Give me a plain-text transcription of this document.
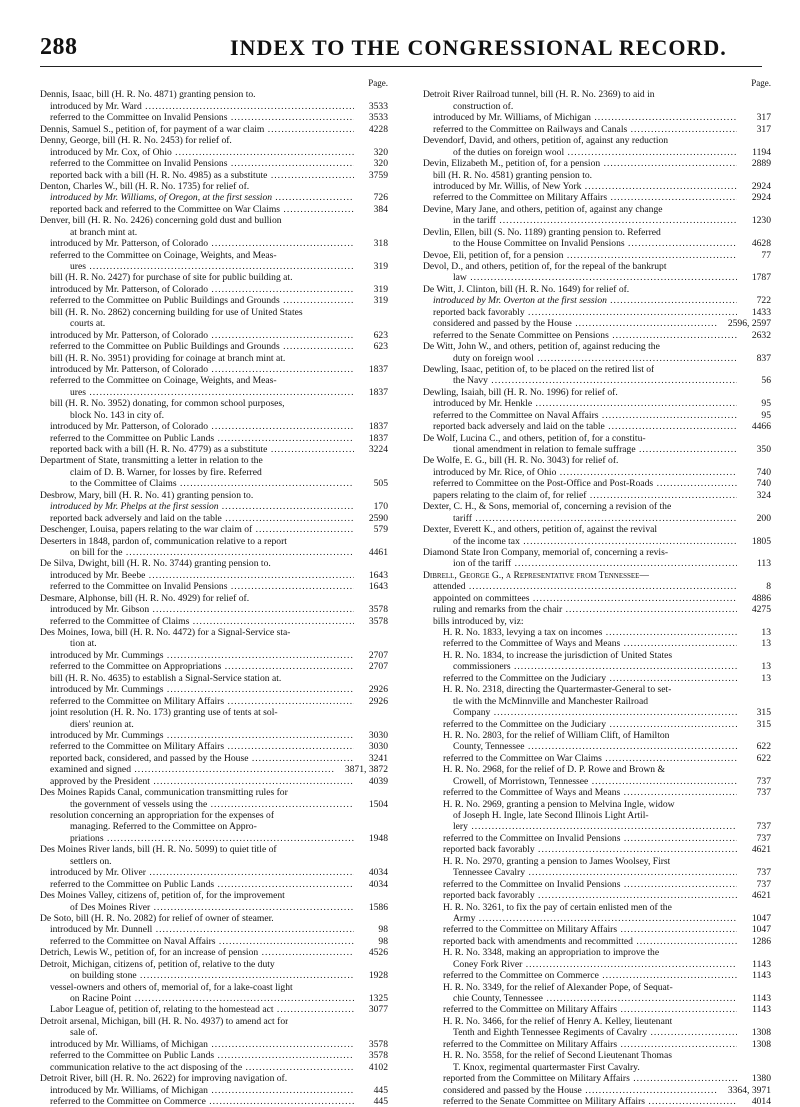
288	INDEX TO THE CONGRESSIONAL RECORD.
Page.
Dennis, Isaac, bill (H. R. No. 4871) granting pension to.
introduced by Mr. Ward .....	3533
referred to the Committee on Invalid Pensions .....	3533
Dennis, Samuel S., petition of, for payment of a war claim .....	4228
Denny, George, bill (H. R. No. 2453) for relief of.
introduced by Mr. Cox, of Ohio .....	320
referred to the Committee on Invalid Pensions .....	320
reported back with a bill (H. R. No. 4985) as a substitute .....	3759
Denton, Charles W., bill (H. R. No. 1735) for relief of.
introduced by Mr. Williams, of Oregon, at the first session .....	726
reported back and referred to the Committee on War Claims .....	384
Denver, bill (H. R. No. 2426) concerning gold dust and bullion
at branch mint at.
introduced by Mr. Patterson, of Colorado .....	318
referred to the Committee on Coinage, Weights, and Meas-
ures .....	319
bill (H. R. No. 2427) for purchase of site for public building at.
introduced by Mr. Patterson, of Colorado .....	319
referred to the Committee on Public Buildings and Grounds .....	319
bill (H. R. No. 2862) concerning building for use of United States
courts at.
introduced by Mr. Patterson, of Colorado .....	623
referred to the Committee on Public Buildings and Grounds .....	623
bill (H. R. No. 3951) providing for coinage at branch mint at.
introduced by Mr. Patterson, of Colorado .....	1837
referred to the Committee on Coinage, Weights, and Meas-
ures .....	1837
bill (H. R. No. 3952) donating, for common school purposes,
block No. 143 in city of.
introduced by Mr. Patterson, of Colorado .....	1837
referred to the Committee on Public Lands .....	1837
reported back with a bill (H. R. No. 4779) as a substitute .....	3224
Department of State, transmitting a letter in relation to the
claim of D. B. Warner, for losses by fire. Referred
to the Committee of Claims .....	505
Desbrow, Mary, bill (H. R. No. 41) granting pension to.
introduced by Mr. Phelps at the first session .....	170
reported back adversely and laid on the table .....	2590
Deschenger, Louisa, papers relating to the war claim of .....	579
Deserters in 1848, pardon of, communication relative to a report
on bill for the .....	4461
De Silva, Dwight, bill (H. R. No. 3744) granting pension to.
introduced by Mr. Beebe .....	1643
referred to the Committee on Invalid Pensions .....	1643
Desmare, Alphonse, bill (H. R. No. 4929) for relief of.
introduced by Mr. Gibson .....	3578
referred to the Committee of Claims .....	3578
Des Moines, Iowa, bill (H. R. No. 4472) for a Signal-Service sta-
tion at.
introduced by Mr. Cummings .....	2707
referred to the Committee on Appropriations .....	2707
bill (H. R. No. 4635) to establish a Signal-Service station at.
introduced by Mr. Cummings .....	2926
referred to the Committee on Military Affairs .....	2926
joint resolution (H. R. No. 173) granting use of tents at sol-
diers' reunion at.
introduced by Mr. Cummings .....	3030
referred to the Committee on Military Affairs .....	3030
reported back, considered, and passed by the House .....	3241
examined and signed .....	3871, 3872
approved by the President .....	4039
Des Moines Rapids Canal, communication transmitting rules for
the government of vessels using the .....	1504
resolution concerning an appropriation for the expenses of
managing. Referred to the Committee on Appro-
priations .....	1948
Des Moines River lands, bill (H. R. No. 5099) to quiet title of
settlers on.
introduced by Mr. Oliver .....	4034
referred to the Committee on Public Lands .....	4034
Des Moines Valley, citizens of, petition of, for the improvement
of Des Moines River .....	1586
De Soto, bill (H. R. No. 2082) for relief of owner of steamer.
introduced by Mr. Dunnell .....	98
referred to the Committee on Naval Affairs .....	98
Detrich, Lewis W., petition of, for an increase of pension .....	4526
Detroit, Michigan, citizens of, petition of, relative to the duty
on building stone .....	1928
vessel-owners and others of, memorial of, for a lake-coast light
on Racine Point .....	1325
Labor League of, petition of, relating to the homestead act .....	3077
Detroit arsenal, Michigan, bill (H. R. No. 4937) to amend act for
sale of.
introduced by Mr. Williams, of Michigan .....	3578
referred to the Committee on Public Lands .....	3578
communication relative to the act disposing of the .....	4102
Detroit River, bill (H. R. No. 2622) for improving navigation of.
introduced by Mr. Williams, of Michigan .....	445
referred to the Committee on Commerce .....	445
Page.
Detroit River Railroad tunnel, bill (H. R. No. 2369) to aid in
construction of.
introduced by Mr. Williams, of Michigan .....	317
referred to the Committee on Railways and Canals .....	317
Devendorf, David, and others, petition of, against any reduction
of the duties on foreign wool .....	1194
Devin, Elizabeth M., petition of, for a pension .....	2889
bill (H. R. No. 4581) granting pension to.
introduced by Mr. Willis, of New York .....	2924
referred to the Committee on Military Affairs .....	2924
Devine, Mary Jane, and others, petition of, against any change
in the tariff .....	1230
Devlin, Ellen, bill (S. No. 1189) granting pension to. Referred
to the House Committee on Invalid Pensions .....	4628
Devoe, Eli, petition of, for a pension .....	77
Devol, D., and others, petition of, for the repeal of the bankrupt
law .....	1787
De Witt, J. Clinton, bill (H. R. No. 1649) for relief of.
introduced by Mr. Overton at the first session .....	722
reported back favorably .....	1433
considered and passed by the House .....	2596, 2597
referred to the Senate Committee on Pensions .....	2632
De Witt, John W., and others, petition of, against reducing the
duty on foreign wool .....	837
Dewling, Isaac, petition of, to be placed on the retired list of
the Navy .....	56
Dewling, Isaiah, bill (H. R. No. 1996) for relief of.
introduced by Mr. Henkle .....	95
referred to the Committee on Naval Affairs .....	95
reported back adversely and laid on the table .....	4466
De Wolf, Lucina C., and others, petition of, for a constitu-
tional amendment in relation to female suffrage .....	350
De Wolfe, E. G., bill (H. R. No. 3043) for relief of.
introduced by Mr. Rice, of Ohio .....	740
referred to Committee on the Post-Office and Post-Roads .....	740
papers relating to the claim of, for relief .....	324
Dexter, C. H., & Sons, memorial of, concerning a revision of the
tariff .....	200
Dexter, Everett K., and others, petition of, against the revival
of the income tax .....	1805
Diamond State Iron Company, memorial of, concerning a revis-
ion of the tariff .....	113
Dibrell, George G., a Representative from Tennessee—
attended .....	8
appointed on committees .....	4886
ruling and remarks from the chair .....	4275
bills introduced by, viz:
H. R. No. 1833, levying a tax on incomes .....	13
referred to the Committee of Ways and Means .....	13
H. R. No. 1834, to increase the jurisdiction of United States
commissioners .....	13
referred to the Committee on the Judiciary .....	13
H. R. No. 2318, directing the Quartermaster-General to set-
tle with the McMinnville and Manchester Railroad
Company .....	315
referred to the Committee on the Judiciary .....	315
H. R. No. 2803, for the relief of William Clift, of Hamilton
County, Tennessee .....	622
referred to the Committee on War Claims .....	622
H. R. No. 2968, for the relief of D. P. Rowe and Brown &
Crowell, of Morristown, Tennessee .....	737
referred to the Committee of Ways and Means .....	737
H. R. No. 2969, granting a pension to Melvina Ingle, widow
of Joseph H. Ingle, late Second Illinois Light Artil-
lery .....	737
referred to the Committee on Invalid Pensions .....	737
reported back favorably .....	4621
H. R. No. 2970, granting a pension to James Woolsey, First
Tennessee Cavalry .....	737
referred to the Committee on Invalid Pensions .....	737
reported back favorably .....	4621
H. R. No. 3261, to fix the pay of certain enlisted men of the
Army .....	1047
referred to the Committee on Military Affairs .....	1047
reported back with amendments and recommitted .....	1286
H. R. No. 3348, making an appropriation to improve the
Coney Fork River .....	1143
referred to the Committee on Commerce .....	1143
H. R. No. 3349, for the relief of Alexander Pope, of Sequat-
chie County, Tennessee .....	1143
referred to the Committee on Military Affairs .....	1143
H. R. No. 3466, for the relief of Henry A. Kelley, lieutenant
Tenth and Eighth Tennessee Regiments of Cavalry .....	1308
referred to the Committee on Military Affairs .....	1308
H. R. No. 3558, for the relief of Second Lieutenant Thomas
T. Knox, regimental quartermaster First Cavalry.
reported from the Committee on Military Affairs .....	1380
considered and passed by the House .....	3364, 3971
referred to the Senate Committee on Military Affairs .....	4014
